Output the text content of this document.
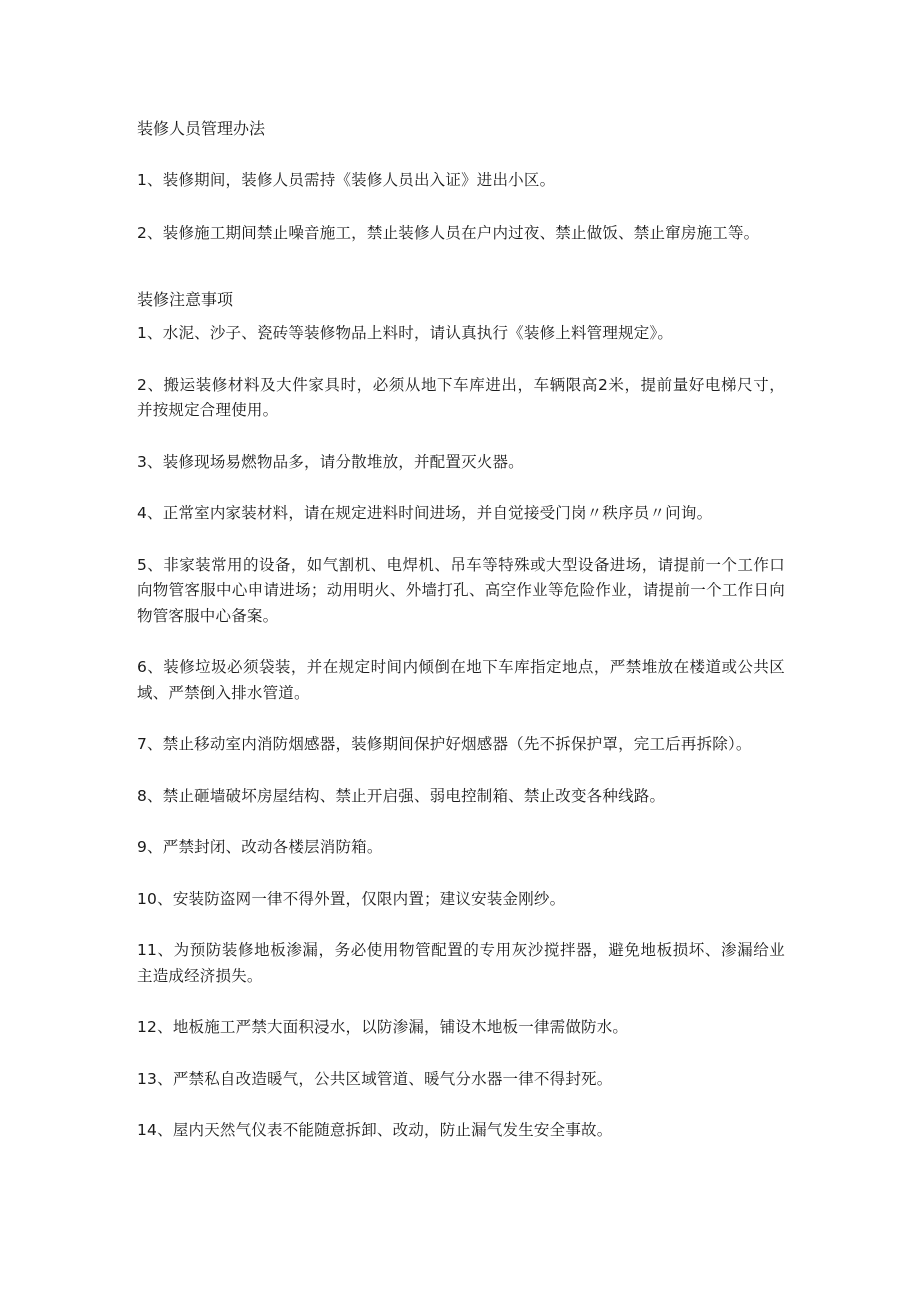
装修人员管理办法

1、装修期间，装修人员需持《装修人员出入证》进出小区。

2、装修施工期间禁止噪音施工，禁止装修人员在户内过夜、禁止做饭、禁止窜房施工等。

装修注意事项

1、水泥、沙子、瓷砖等装修物品上料时，请认真执行《装修上料管理规定》。

2、搬运装修材料及大件家具时，必须从地下车库进出，车辆限高2米，提前量好电梯尺寸，并按规定合理使用。

3、装修现场易燃物品多，请分散堆放，并配置灭火器。

4、正常室内家装材料，请在规定进料时间进场，并自觉接受门岗〃秩序员〃问询。

5、非家装常用的设备，如气割机、电焊机、吊车等特殊或大型设备进场，请提前一个工作口向物管客服中心申请进场；动用明火、外墙打孔、高空作业等危险作业，请提前一个工作日向物管客服中心备案。

6、装修垃圾必须袋装，并在规定时间内倾倒在地下车库指定地点，严禁堆放在楼道或公共区域、严禁倒入排水管道。

7、禁止移动室内消防烟感器，装修期间保护好烟感器（先不拆保护罩，完工后再拆除）。

8、禁止砸墙破坏房屋结构、禁止开启强、弱电控制箱、禁止改变各种线路。

9、严禁封闭、改动各楼层消防箱。

10、安装防盗网一律不得外置，仅限内置；建议安装金刚纱。

11、为预防装修地板渗漏，务必使用物管配置的专用灰沙搅拌器，避免地板损坏、渗漏给业主造成经济损失。

12、地板施工严禁大面积浸水，以防渗漏，铺设木地板一律需做防水。

13、严禁私自改造暖气，公共区域管道、暖气分水器一律不得封死。

14、屋内天然气仪表不能随意拆卸、改动，防止漏气发生安全事故。
